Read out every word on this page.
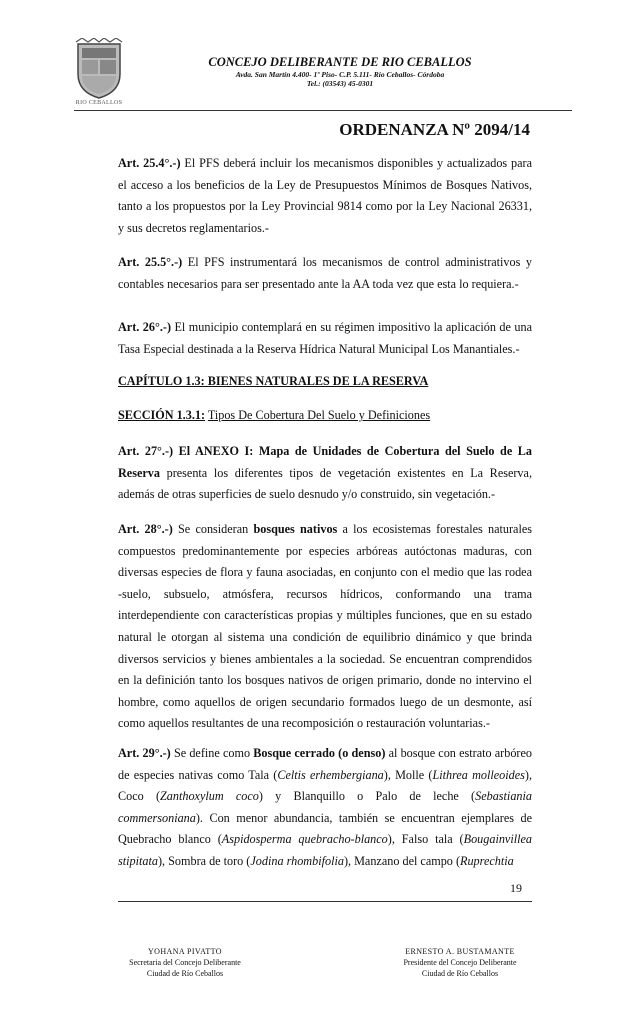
RIO CEBALLOS
CONCEJO DELIBERANTE DE RIO CEBALLOS
Avda. San Martín 4.400- 1º Piso- C.P. 5.111- Río Ceballos- Córdoba
Tel.: (03543) 45-0301
ORDENANZA Nº 2094/14

Art. 25.4°.-) El PFS deberá incluir los mecanismos disponibles y actualizados para el acceso a los beneficios de la Ley de Presupuestos Mínimos de Bosques Nativos, tanto a los propuestos por la Ley Provincial 9814 como por la Ley Nacional 26331, y sus decretos reglamentarios.-

Art. 25.5°.-) El PFS instrumentará los mecanismos de control administrativos y contables necesarios para ser presentado ante la AA toda vez que esta lo requiera.-

Art. 26°.-) El municipio contemplará en su régimen impositivo la aplicación de una Tasa Especial destinada a la Reserva Hídrica Natural Municipal Los Manantiales.-

CAPÍTULO 1.3: BIENES NATURALES DE LA RESERVA
SECCIÓN 1.3.1: Tipos De Cobertura Del Suelo y Definiciones

Art. 27°.-) El ANEXO I: Mapa de Unidades de Cobertura del Suelo de La Reserva presenta los diferentes tipos de vegetación existentes en La Reserva, además de otras superficies de suelo desnudo y/o construido, sin vegetación.-

Art. 28°.-) Se consideran bosques nativos a los ecosistemas forestales naturales compuestos predominantemente por especies arbóreas autóctonas maduras, con diversas especies de flora y fauna asociadas, en conjunto con el medio que las rodea -suelo, subsuelo, atmósfera, recursos hídricos, conformando una trama interdependiente con características propias y múltiples funciones, que en su estado natural le otorgan al sistema una condición de equilibrio dinámico y que brinda diversos servicios y bienes ambientales a la sociedad. Se encuentran comprendidos en la definición tanto los bosques nativos de origen primario, donde no intervino el hombre, como aquellos de origen secundario formados luego de un desmonte, así como aquellos resultantes de una recomposición o restauración voluntarias.-

Art. 29°.-) Se define como Bosque cerrado (o denso) al bosque con estrato arbóreo de especies nativas como Tala (Celtis erhembergiana), Molle (Lithrea molleoides), Coco (Zanthoxylum coco) y Blanquillo o Palo de leche (Sebastiania commersoniana). Con menor abundancia, también se encuentran ejemplares de Quebracho blanco (Aspidosperma quebracho-blanco), Falso tala (Bougainvillea stipitata), Sombra de toro (Jodina rhombifolia), Manzano del campo (Ruprechtia

19
YOHANA PIVATTO
Secretaria del Concejo Deliberante
Ciudad de Río Ceballos
ERNESTO A. BUSTAMANTE
Presidente del Concejo Deliberante
Ciudad de Río Ceballos
